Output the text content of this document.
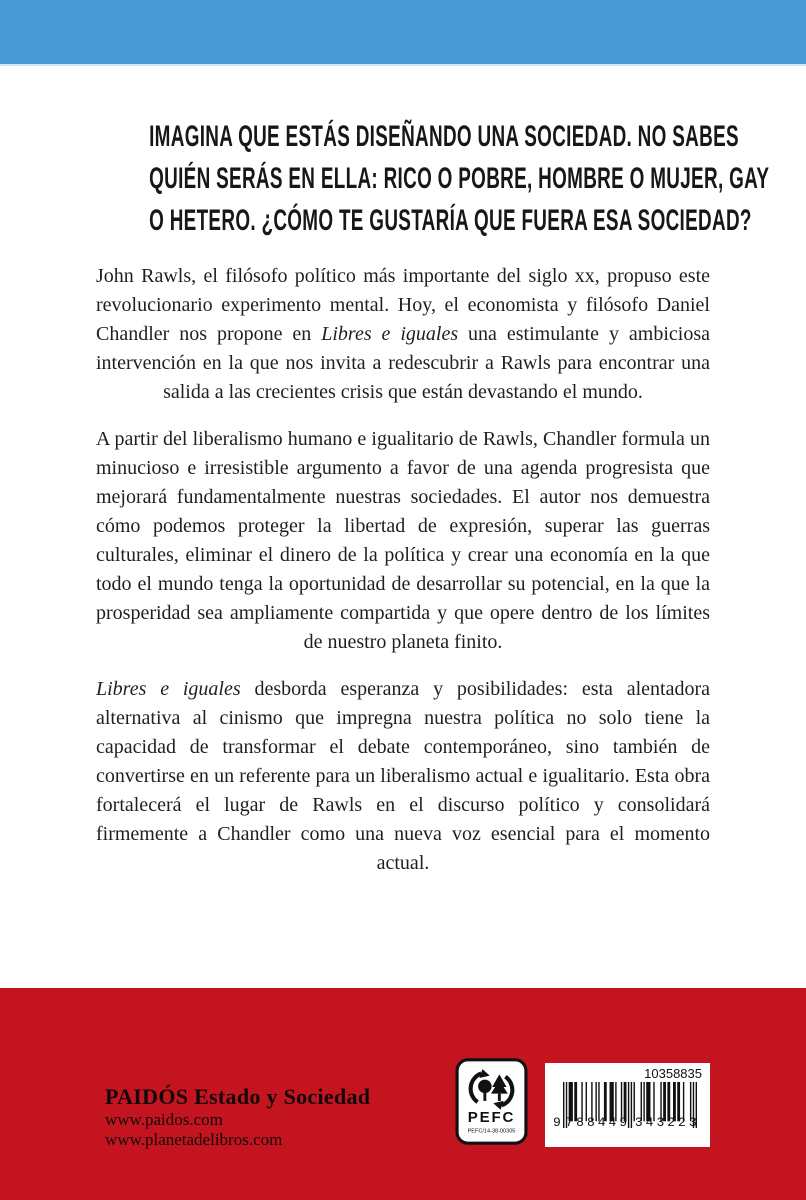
IMAGINA QUE ESTÁS DISEÑANDO UNA SOCIEDAD. NO SABES
QUIÉN SERÁS EN ELLA: RICO O POBRE, HOMBRE O MUJER, GAY
O HETERO. ¿CÓMO TE GUSTARÍA QUE FUERA ESA SOCIEDAD?

John Rawls, el filósofo político más importante del siglo xx, propuso este revolucionario experimento mental. Hoy, el economista y filósofo Daniel Chandler nos propone en Libres e iguales una estimulante y ambiciosa intervención en la que nos invita a redescubrir a Rawls para encontrar una salida a las crecientes crisis que están devastando el mundo.

A partir del liberalismo humano e igualitario de Rawls, Chandler formula un minucioso e irresistible argumento a favor de una agenda progresista que mejorará fundamentalmente nuestras sociedades. El autor nos demuestra cómo podemos proteger la libertad de expresión, superar las guerras culturales, eliminar el dinero de la política y crear una economía en la que todo el mundo tenga la oportunidad de desarrollar su potencial, en la que la prosperidad sea ampliamente compartida y que opere dentro de los límites de nuestro planeta finito.

Libres e iguales desborda esperanza y posibilidades: esta alentadora alternativa al cinismo que impregna nuestra política no solo tiene la capacidad de transformar el debate contemporáneo, sino también de convertirse en un referente para un liberalismo actual e igualitario. Esta obra fortalecerá el lugar de Rawls en el discurso político y consolidará firmemente a Chandler como una nueva voz esencial para el momento actual.

PAIDÓS Estado y Sociedad
www.paidos.com
www.planetadelibros.com
PEFC
PEFC/14-38-00305
10358835
9 788449 343223
